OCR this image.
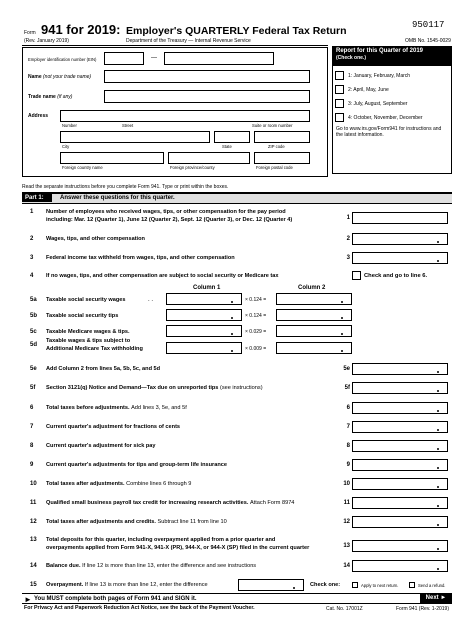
Form 941 for 2019: Employer's QUARTERLY Federal Tax Return
(Rev. January 2019)	Department of the Treasury — Internal Revenue Service
950117
OMB No. 1545-0029
Employer identification number (EIN)	—
Name (not your trade name)
Trade name (if any)
Address
Number	Street	Suite or room number
City	State	ZIP code
Foreign country name	Foreign province/county	Foreign postal code
Report for this Quarter of 2019
(Check one.)
1: January, February, March
2: April, May, June
3: July, August, September
4: October, November, December
Go to www.irs.gov/Form941 for instructions and the latest information.
Read the separate instructions before you complete Form 941. Type or print within the boxes.
Part 1:	Answer these questions for this quarter.
1 Number of employees who received wages, tips, or other compensation for the pay period
including: Mar. 12 (Quarter 1), June 12 (Quarter 2), Sept. 12 (Quarter 3), or Dec. 12 (Quarter 4)	1
2 Wages, tips, and other compensation	2
3 Federal income tax withheld from wages, tips, and other compensation	3
4 If no wages, tips, and other compensation are subject to social security or Medicare tax	Check and go to line 6.
Column 1	Column 2
5a Taxable social security wages	. .	× 0.124 =
5b Taxable social security tips	× 0.124 =
5c Taxable Medicare wages & tips.	× 0.029 =
5d
Taxable wages & tips subject to
Additional Medicare Tax withholding	× 0.009 =
5e Add Column 2 from lines 5a, 5b, 5c, and 5d	5e
5f Section 3121(q) Notice and Demand—Tax due on unreported tips (see instructions)	5f
6 Total taxes before adjustments. Add lines 3, 5e, and 5f	6
7 Current quarter's adjustment for fractions of cents	7
8 Current quarter's adjustment for sick pay	8
9 Current quarter's adjustments for tips and group-term life insurance	9
10 Total taxes after adjustments. Combine lines 6 through 9	10
11 Qualified small business payroll tax credit for increasing research activities. Attach Form 8974	11
12 Total taxes after adjustments and credits. Subtract line 11 from line 10	12
13 Total deposits for this quarter, including overpayment applied from a prior quarter and
overpayments applied from Form 941-X, 941-X (PR), 944-X, or 944-X (SP) filed in the current quarter	13
14 Balance due. If line 12 is more than line 13, enter the difference and see instructions	14
15 Overpayment. If line 13 is more than line 12, enter the difference	Check one:	Apply to next return.	Send a refund.
► You MUST complete both pages of Form 941 and SIGN it.	Next ►
For Privacy Act and Paperwork Reduction Act Notice, see the back of the Payment Voucher.	Cat. No. 17001Z	Form 941 (Rev. 1-2019)
